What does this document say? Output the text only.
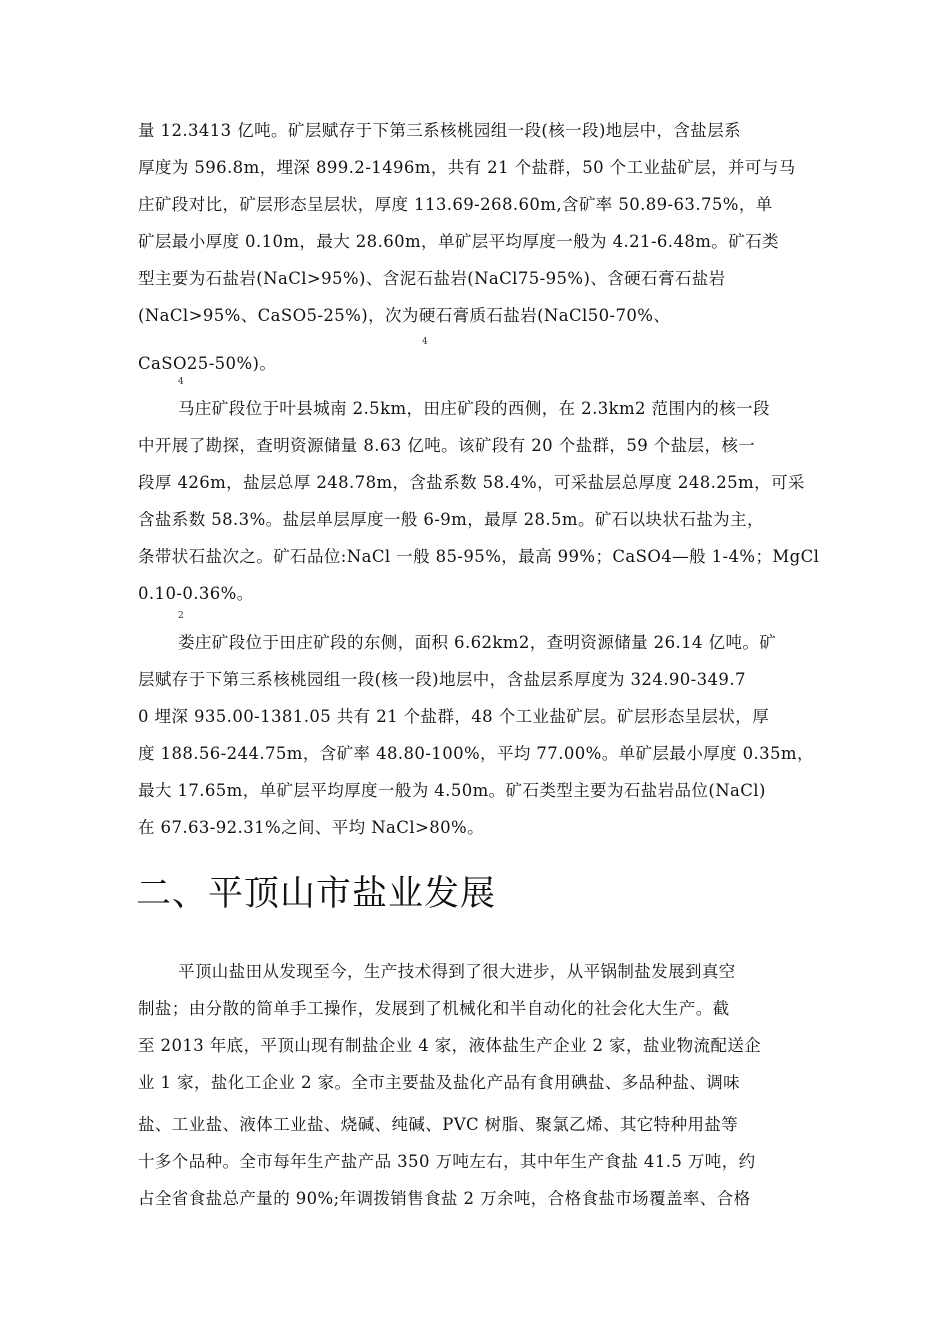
量 12.3413 亿吨。矿层赋存于下第三系核桃园组一段(核一段)地层中，含盐层系
厚度为 596.8m，埋深 899.2-1496m，共有 21 个盐群，50 个工业盐矿层，并可与马
庄矿段对比，矿层形态呈层状，厚度 113.69-268.60m,含矿率 50.89-63.75%，单
矿层最小厚度 0.10m，最大 28.60m，单矿层平均厚度一般为 4.21-6.48m。矿石类
型主要为石盐岩(NaCl>95%)、含泥石盐岩(NaCl75-95%)、含硬石膏石盐岩
(NaCl>95%、CaSO5-25%)，次为硬石膏质石盐岩(NaCl50-70%、
4
CaSO25-50%)。
4
马庄矿段位于叶县城南 2.5km，田庄矿段的西侧，在 2.3km2 范围内的核一段
中开展了勘探，查明资源储量 8.63 亿吨。该矿段有 20 个盐群，59 个盐层，核一
段厚 426m，盐层总厚 248.78m，含盐系数 58.4%，可采盐层总厚度 248.25m，可采
含盐系数 58.3%。盐层单层厚度一般 6-9m，最厚 28.5m。矿石以块状石盐为主，
条带状石盐次之。矿石品位:NaCl 一般 85-95%，最高 99%；CaSO4—般 1-4%；MgCl
0.10-0.36%。
2
娄庄矿段位于田庄矿段的东侧，面积 6.62km2，查明资源储量 26.14 亿吨。矿
层赋存于下第三系核桃园组一段(核一段)地层中，含盐层系厚度为 324.90-349.7
0 埋深 935.00-1381.05 共有 21 个盐群，48 个工业盐矿层。矿层形态呈层状，厚
度 188.56-244.75m，含矿率 48.80-100%，平均 77.00%。单矿层最小厚度 0.35m，
最大 17.65m，单矿层平均厚度一般为 4.50m。矿石类型主要为石盐岩品位(NaCl)
在 67.63-92.31%之间、平均 NaCl>80%。
二、平顶山市盐业发展
平顶山盐田从发现至今，生产技术得到了很大进步，从平锅制盐发展到真空
制盐；由分散的简单手工操作，发展到了机械化和半自动化的社会化大生产。截
至 2013 年底，平顶山现有制盐企业 4 家，液体盐生产企业 2 家，盐业物流配送企
业 1 家，盐化工企业 2 家。全市主要盐及盐化产品有食用碘盐、多品种盐、调味
盐、工业盐、液体工业盐、烧碱、纯碱、PVC 树脂、聚氯乙烯、其它特种用盐等
十多个品种。全市每年生产盐产品 350 万吨左右，其中年生产食盐 41.5 万吨，约
占全省食盐总产量的 90%;年调拨销售食盐 2 万余吨，合格食盐市场覆盖率、合格
